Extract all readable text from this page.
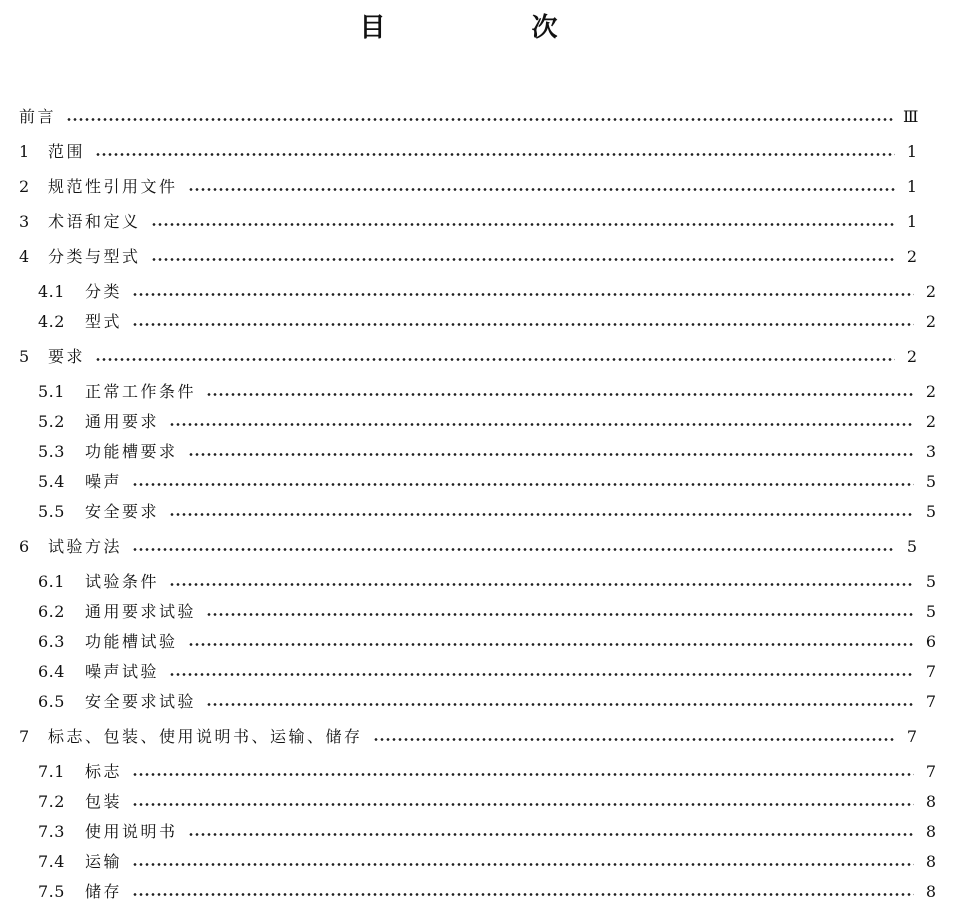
目　次
前言	Ⅲ
1	范围	1
2	规范性引用文件	1
3	术语和定义	1
4	分类与型式	2
4.1	分类	2
4.2	型式	2
5	要求	2
5.1	正常工作条件	2
5.2	通用要求	2
5.3	功能槽要求	3
5.4	噪声	5
5.5	安全要求	5
6	试验方法	5
6.1	试验条件	5
6.2	通用要求试验	5
6.3	功能槽试验	6
6.4	噪声试验	7
6.5	安全要求试验	7
7	标志、包装、使用说明书、运输、储存	7
7.1	标志	7
7.2	包装	8
7.3	使用说明书	8
7.4	运输	8
7.5	储存	8
